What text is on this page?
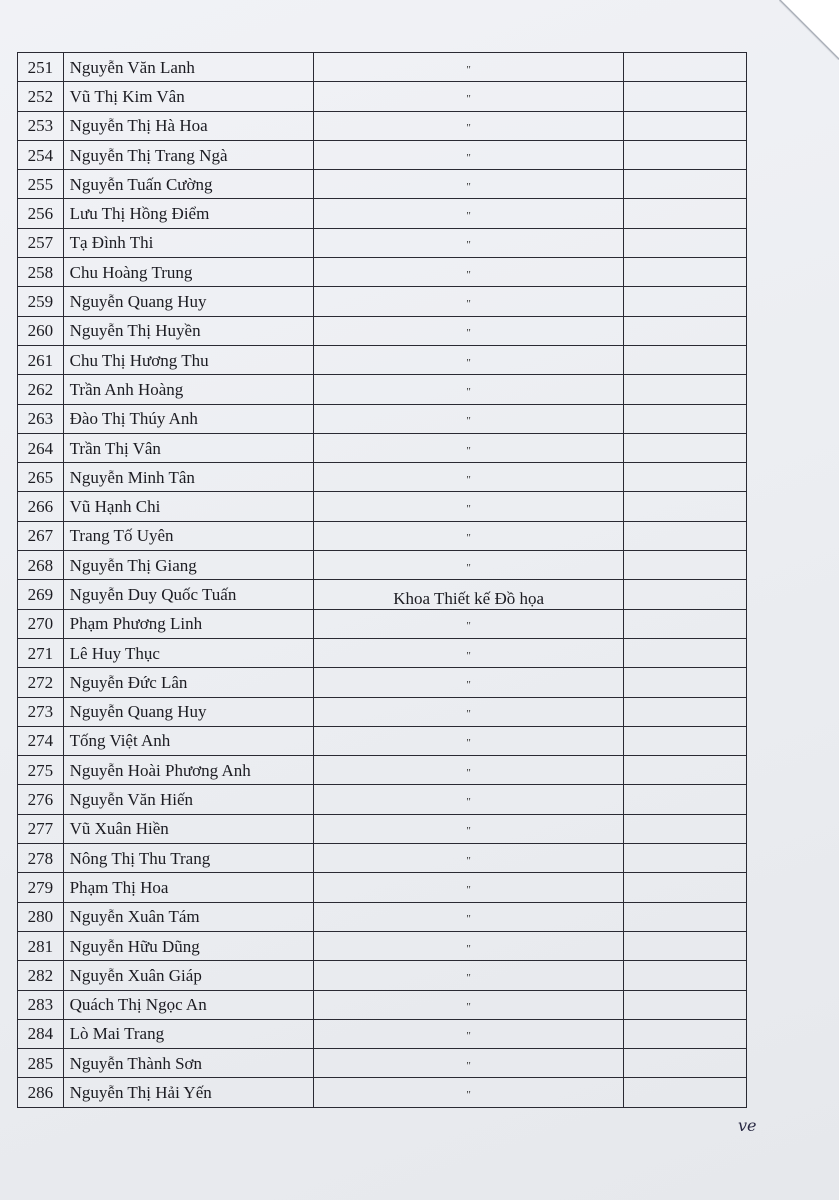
251	Nguyễn Văn Lanh	"	
252	Vũ Thị Kim Vân	"	
253	Nguyễn Thị Hà Hoa	"	
254	Nguyễn Thị Trang Ngà	"	
255	Nguyễn Tuấn Cường	"	
256	Lưu Thị Hồng Điểm	"	
257	Tạ Đình Thi	"	
258	Chu Hoàng Trung	"	
259	Nguyễn Quang Huy	"	
260	Nguyễn Thị Huyền	"	
261	Chu Thị Hương Thu	"	
262	Trần Anh Hoàng	"	
263	Đào Thị Thúy Anh	"	
264	Trần Thị Vân	"	
265	Nguyễn Minh Tân	"	
266	Vũ Hạnh Chi	"	
267	Trang Tố Uyên	"	
268	Nguyễn Thị Giang	"	
269	Nguyễn Duy Quốc Tuấn	Khoa Thiết kế Đồ họa	
270	Phạm Phương Linh	"	
271	Lê Huy Thục	"	
272	Nguyễn Đức Lân	"	
273	Nguyễn Quang Huy	"	
274	Tống Việt Anh	"	
275	Nguyễn Hoài Phương Anh	"	
276	Nguyễn Văn Hiến	"	
277	Vũ Xuân Hiền	"	
278	Nông Thị Thu Trang	"	
279	Phạm Thị Hoa	"	
280	Nguyễn Xuân Tám	"	
281	Nguyễn Hữu Dũng	"	
282	Nguyễn Xuân Giáp	"	
283	Quách Thị Ngọc An	"	
284	Lò Mai Trang	"	
285	Nguyễn Thành Sơn	"	
286	Nguyễn Thị Hải Yến	"	
ve
